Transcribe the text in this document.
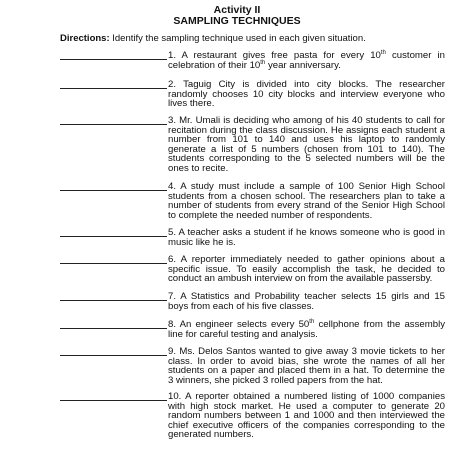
Activity II
SAMPLING TECHNIQUES
Directions: Identify the sampling technique used in each given situation.
1. A restaurant gives free pasta for every 10th customer in celebration of their 10th year anniversary.
2. Taguig City is divided into city blocks. The researcher randomly chooses 10 city blocks and interview everyone who lives there.
3. Mr. Umali is deciding who among of his 40 students to call for recitation during the class discussion. He assigns each student a number from 101 to 140 and uses his laptop to randomly generate a list of 5 numbers (chosen from 101 to 140). The students corresponding to the 5 selected numbers will be the ones to recite.
4. A study must include a sample of 100 Senior High School students from a chosen school. The researchers plan to take a number of students from every strand of the Senior High School to complete the needed number of respondents.
5. A teacher asks a student if he knows someone who is good in music like he is.
6. A reporter immediately needed to gather opinions about a specific issue. To easily accomplish the task, he decided to conduct an ambush interview on from the available passersby.
7. A Statistics and Probability teacher selects 15 girls and 15 boys from each of his five classes.
8. An engineer selects every 50th cellphone from the assembly line for careful testing and analysis.
9. Ms. Delos Santos wanted to give away 3 movie tickets to her class. In order to avoid bias, she wrote the names of all her students on a paper and placed them in a hat. To determine the 3 winners, she picked 3 rolled papers from the hat.
10. A reporter obtained a numbered listing of 1000 companies with high stock market. He used a computer to generate 20 random numbers between 1 and 1000 and then interviewed the chief executive officers of the companies corresponding to the generated numbers.
